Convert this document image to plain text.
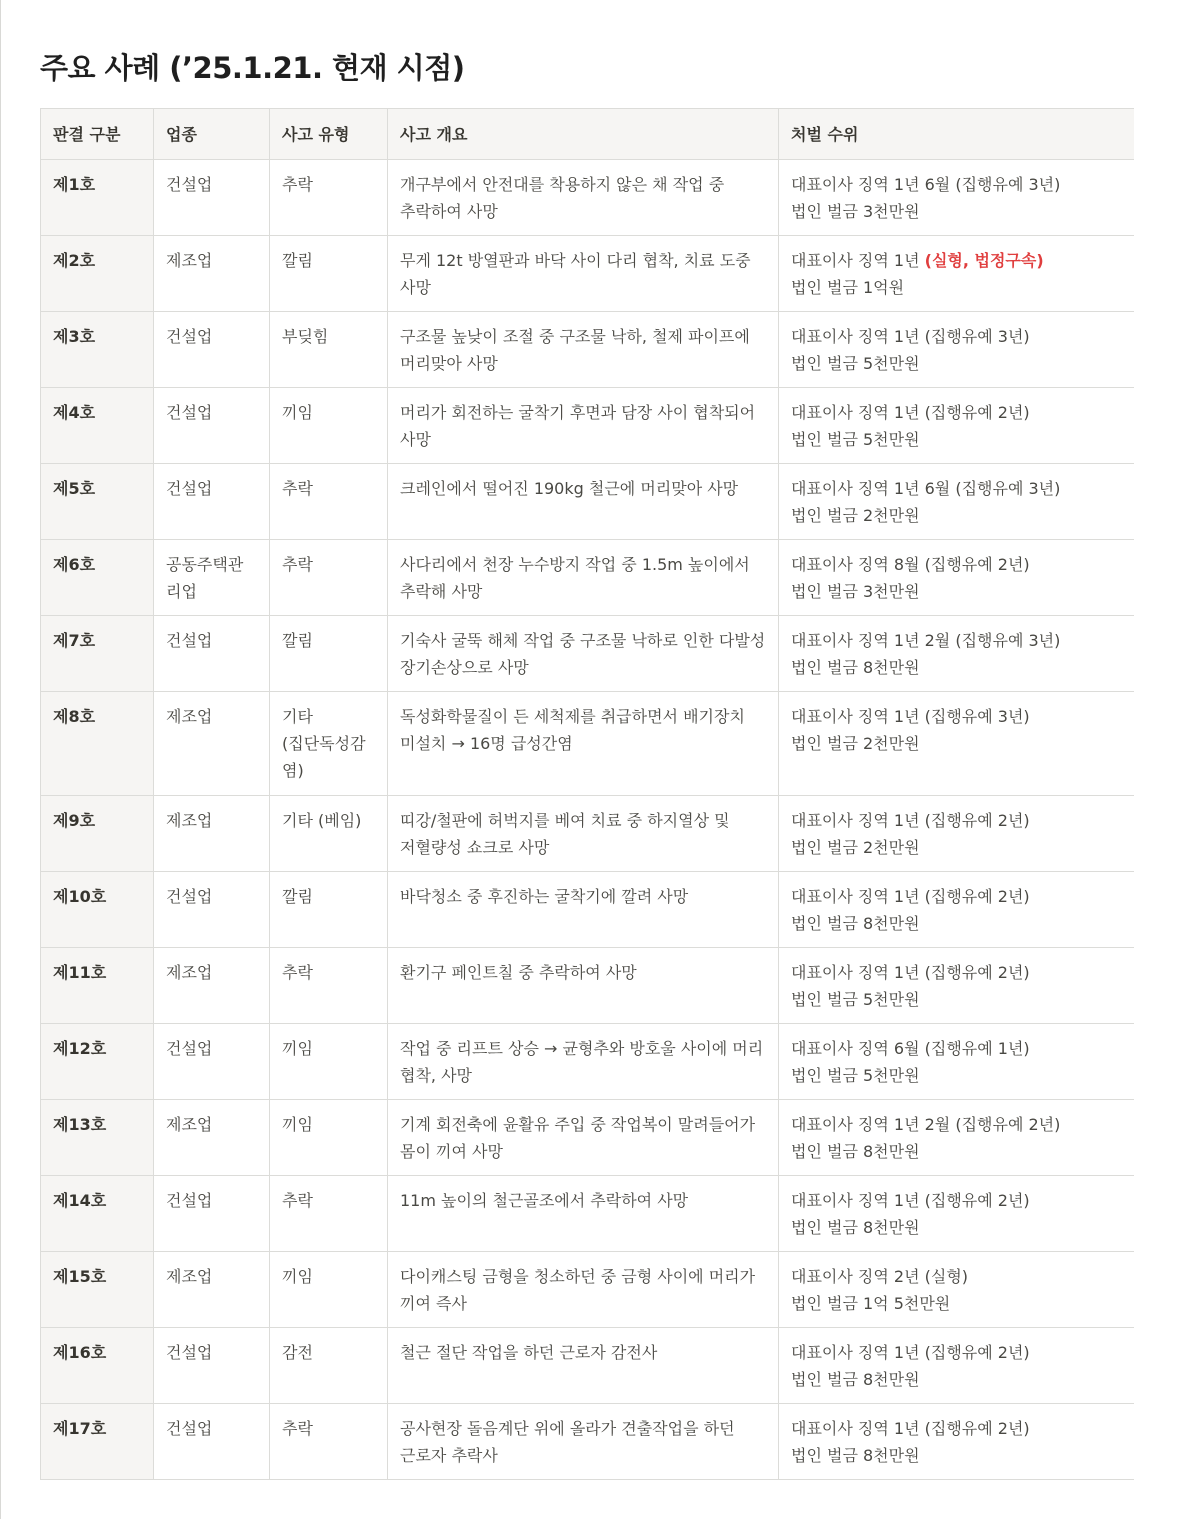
주요 사례 (’25.1.21. 현재 시점)
판결 구분	업종	사고 유형	사고 개요	처벌 수위
제1호	건설업	추락	개구부에서 안전대를 착용하지 않은 채 작업 중 추락하여 사망	대표이사 징역 1년 6월 (집행유예 3년)
법인 벌금 3천만원

제2호	제조업	깔림	무게 12t 방열판과 바닥 사이 다리 협착, 치료 도중 사망	대표이사 징역 1년 (실형, 법정구속)
법인 벌금 1억원

제3호	건설업	부딪힘	구조물 높낮이 조절 중 구조물 낙하, 철제 파이프에 머리맞아 사망	대표이사 징역 1년 (집행유예 3년)
법인 벌금 5천만원

제4호	건설업	끼임	머리가 회전하는 굴착기 후면과 담장 사이 협착되어 사망	대표이사 징역 1년 (집행유예 2년)
법인 벌금 5천만원

제5호	건설업	추락	크레인에서 떨어진 190kg 철근에 머리맞아 사망	대표이사 징역 1년 6월 (집행유예 3년)
법인 벌금 2천만원

제6호	공동주택관리업	추락	사다리에서 천장 누수방지 작업 중 1.5m 높이에서 추락해 사망	대표이사 징역 8월 (집행유예 2년)
법인 벌금 3천만원

제7호	건설업	깔림	기숙사 굴뚝 해체 작업 중 구조물 낙하로 인한 다발성 장기손상으로 사망	대표이사 징역 1년 2월 (집행유예 3년)
법인 벌금 8천만원

제8호	제조업	기타 (집단독성감염)	독성화학물질이 든 세척제를 취급하면서 배기장치 미설치 → 16명 급성간염	대표이사 징역 1년 (집행유예 3년)
법인 벌금 2천만원

제9호	제조업	기타 (베임)	띠강/철판에 허벅지를 베여 치료 중 하지열상 및 저혈량성 쇼크로 사망	대표이사 징역 1년 (집행유예 2년)
법인 벌금 2천만원

제10호	건설업	깔림	바닥청소 중 후진하는 굴착기에 깔려 사망	대표이사 징역 1년 (집행유예 2년)
법인 벌금 8천만원

제11호	제조업	추락	환기구 페인트칠 중 추락하여 사망	대표이사 징역 1년 (집행유예 2년)
법인 벌금 5천만원

제12호	건설업	끼임	작업 중 리프트 상승 → 균형추와 방호울 사이에 머리 협착, 사망	대표이사 징역 6월 (집행유예 1년)
법인 벌금 5천만원

제13호	제조업	끼임	기계 회전축에 윤활유 주입 중 작업복이 말려들어가 몸이 끼여 사망	대표이사 징역 1년 2월 (집행유예 2년)
법인 벌금 8천만원

제14호	건설업	추락	11m 높이의 철근골조에서 추락하여 사망	대표이사 징역 1년 (집행유예 2년)
법인 벌금 8천만원

제15호	제조업	끼임	다이캐스팅 금형을 청소하던 중 금형 사이에 머리가 끼여 즉사	대표이사 징역 2년 (실형)
법인 벌금 1억 5천만원

제16호	건설업	감전	철근 절단 작업을 하던 근로자 감전사	대표이사 징역 1년 (집행유예 2년)
법인 벌금 8천만원

제17호	건설업	추락	공사현장 돌음계단 위에 올라가 견출작업을 하던 근로자 추락사	대표이사 징역 1년 (집행유예 2년)
법인 벌금 8천만원
